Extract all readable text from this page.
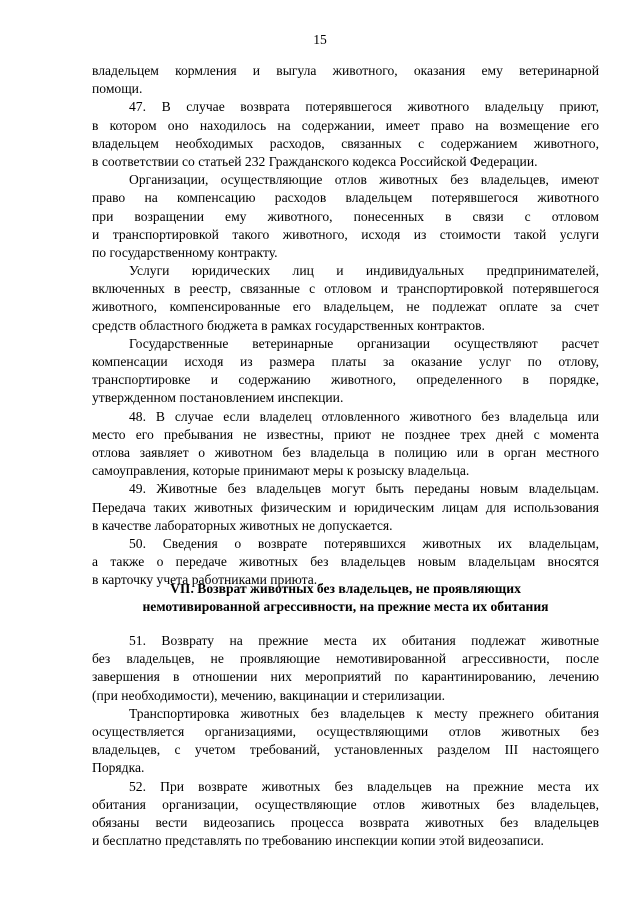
15
владельцем кормления и выгула животного, оказания ему ветеринарной
помощи.
47. В случае возврата потерявшегося животного владельцу приют,
в котором оно находилось на содержании, имеет право на возмещение его
владельцем необходимых расходов, связанных с содержанием животного,
в соответствии со статьей 232 Гражданского кодекса Российской Федерации.
Организации, осуществляющие отлов животных без владельцев, имеют
право на компенсацию расходов владельцем потерявшегося животного
при возращении ему животного, понесенных в связи с отловом
и транспортировкой такого животного, исходя из стоимости такой услуги
по государственному контракту.
Услуги юридических лиц и индивидуальных предпринимателей,
включенных в реестр, связанные с отловом и транспортировкой потерявшегося
животного, компенсированные его владельцем, не подлежат оплате за счет
средств областного бюджета в рамках государственных контрактов.
Государственные ветеринарные организации осуществляют расчет
компенсации исходя из размера платы за оказание услуг по отлову,
транспортировке и содержанию животного, определенного в порядке,
утвержденном постановлением инспекции.
48. В случае если владелец отловленного животного без владельца или
место его пребывания не известны, приют не позднее трех дней с момента
отлова заявляет о животном без владельца в полицию или в орган местного
самоуправления, которые принимают меры к розыску владельца.
49. Животные без владельцев могут быть переданы новым владельцам.
Передача таких животных физическим и юридическим лицам для использования
в качестве лабораторных животных не допускается.
50. Сведения о возврате потерявшихся животных их владельцам,
а также о передаче животных без владельцев новым владельцам вносятся
в карточку учета работниками приюта.
VII. Возврат животных без владельцев, не проявляющих
немотивированной агрессивности, на прежние места их обитания
51. Возврату на прежние места их обитания подлежат животные
без владельцев, не проявляющие немотивированной агрессивности, после
завершения в отношении них мероприятий по карантинированию, лечению
(при необходимости), мечению, вакцинации и стерилизации.
Транспортировка животных без владельцев к месту прежнего обитания
осуществляется организациями, осуществляющими отлов животных без
владельцев, с учетом требований, установленных разделом III настоящего
Порядка.
52. При возврате животных без владельцев на прежние места их
обитания организации, осуществляющие отлов животных без владельцев,
обязаны вести видеозапись процесса возврата животных без владельцев
и бесплатно представлять по требованию инспекции копии этой видеозаписи.
